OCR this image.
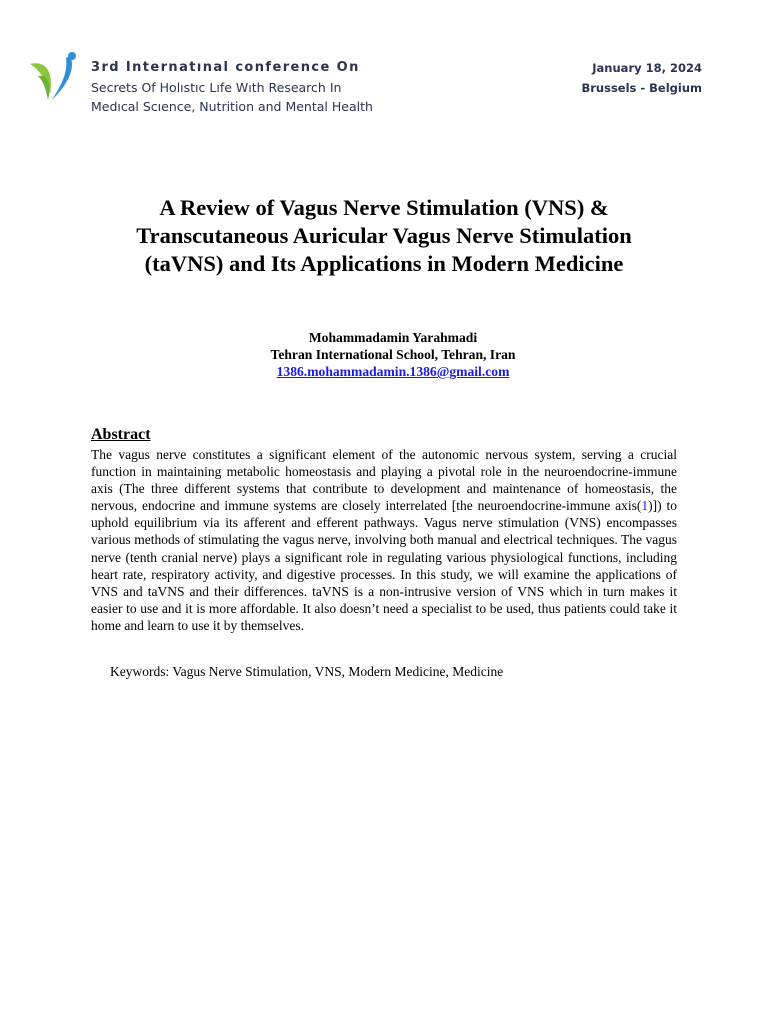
3rd Internatınal conference On
Secrets Of Holıstıc Lıfe Wıth Research In
Medıcal Scıence, Nutrition and Mental Health
January 18, 2024
Brussels - Belgium
A Review of Vagus Nerve Stimulation (VNS) &
Transcutaneous Auricular Vagus Nerve Stimulation
(taVNS) and Its Applications in Modern Medicine
Mohammadamin Yarahmadi
Tehran International School, Tehran, Iran
1386.mohammadamin.1386@gmail.com
Abstract
The vagus nerve constitutes a significant element of the autonomic nervous system, serving a crucial function in maintaining metabolic homeostasis and playing a pivotal role in the neuroendocrine-immune axis (The three different systems that contribute to development and maintenance of homeostasis, the nervous, endocrine and immune systems are closely interrelated [the neuroendocrine-immune axis(1)]) to uphold equilibrium via its afferent and efferent pathways. Vagus nerve stimulation (VNS) encompasses various methods of stimulating the vagus nerve, involving both manual and electrical techniques. The vagus nerve (tenth cranial nerve) plays a significant role in regulating various physiological functions, including heart rate, respiratory activity, and digestive processes. In this study, we will examine the applications of VNS and taVNS and their differences. taVNS is a non-intrusive version of VNS which in turn makes it easier to use and it is more affordable. It also doesn’t need a specialist to be used, thus patients could take it home and learn to use it by themselves.
Keywords: Vagus Nerve Stimulation, VNS, Modern Medicine, Medicine
